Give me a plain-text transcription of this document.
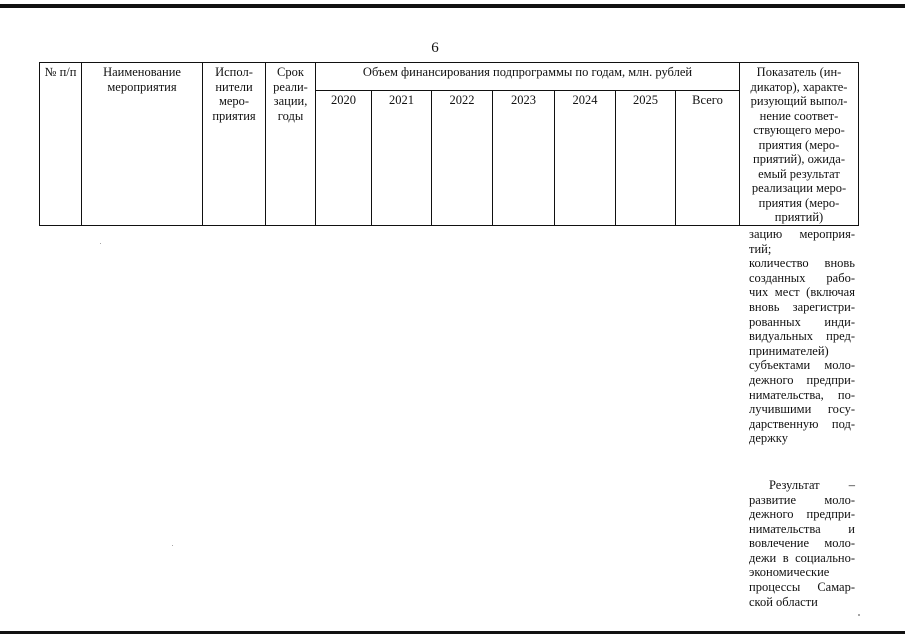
6
№ п/п	Наименование мероприятия	Испол-нители меро-приятия	Срок реали-зации, годы	Объем финансирования подпрограммы по годам, млн. рублей							Показатель (ин-дикатор), характе-ризующий выпол-нение соответ-ствующего меро-приятия (меро-приятий), ожида-емый результат реализации меро-приятия (меро-приятий)
				2020	2021	2022	2023	2024	2025	Всего	

зацию мероприя-тий;

количество вновь созданных рабо-чих мест (включая вновь зарегистри-рованных инди-видуальных пред-принимателей) субъектами моло-дежного предпри-нимательства, по-лучившими госу-дарственную под-держку

Результат – развитие моло-дежного предпри-нимательства и вовлечение моло-дежи в социально-экономические процессы Самар-ской области
